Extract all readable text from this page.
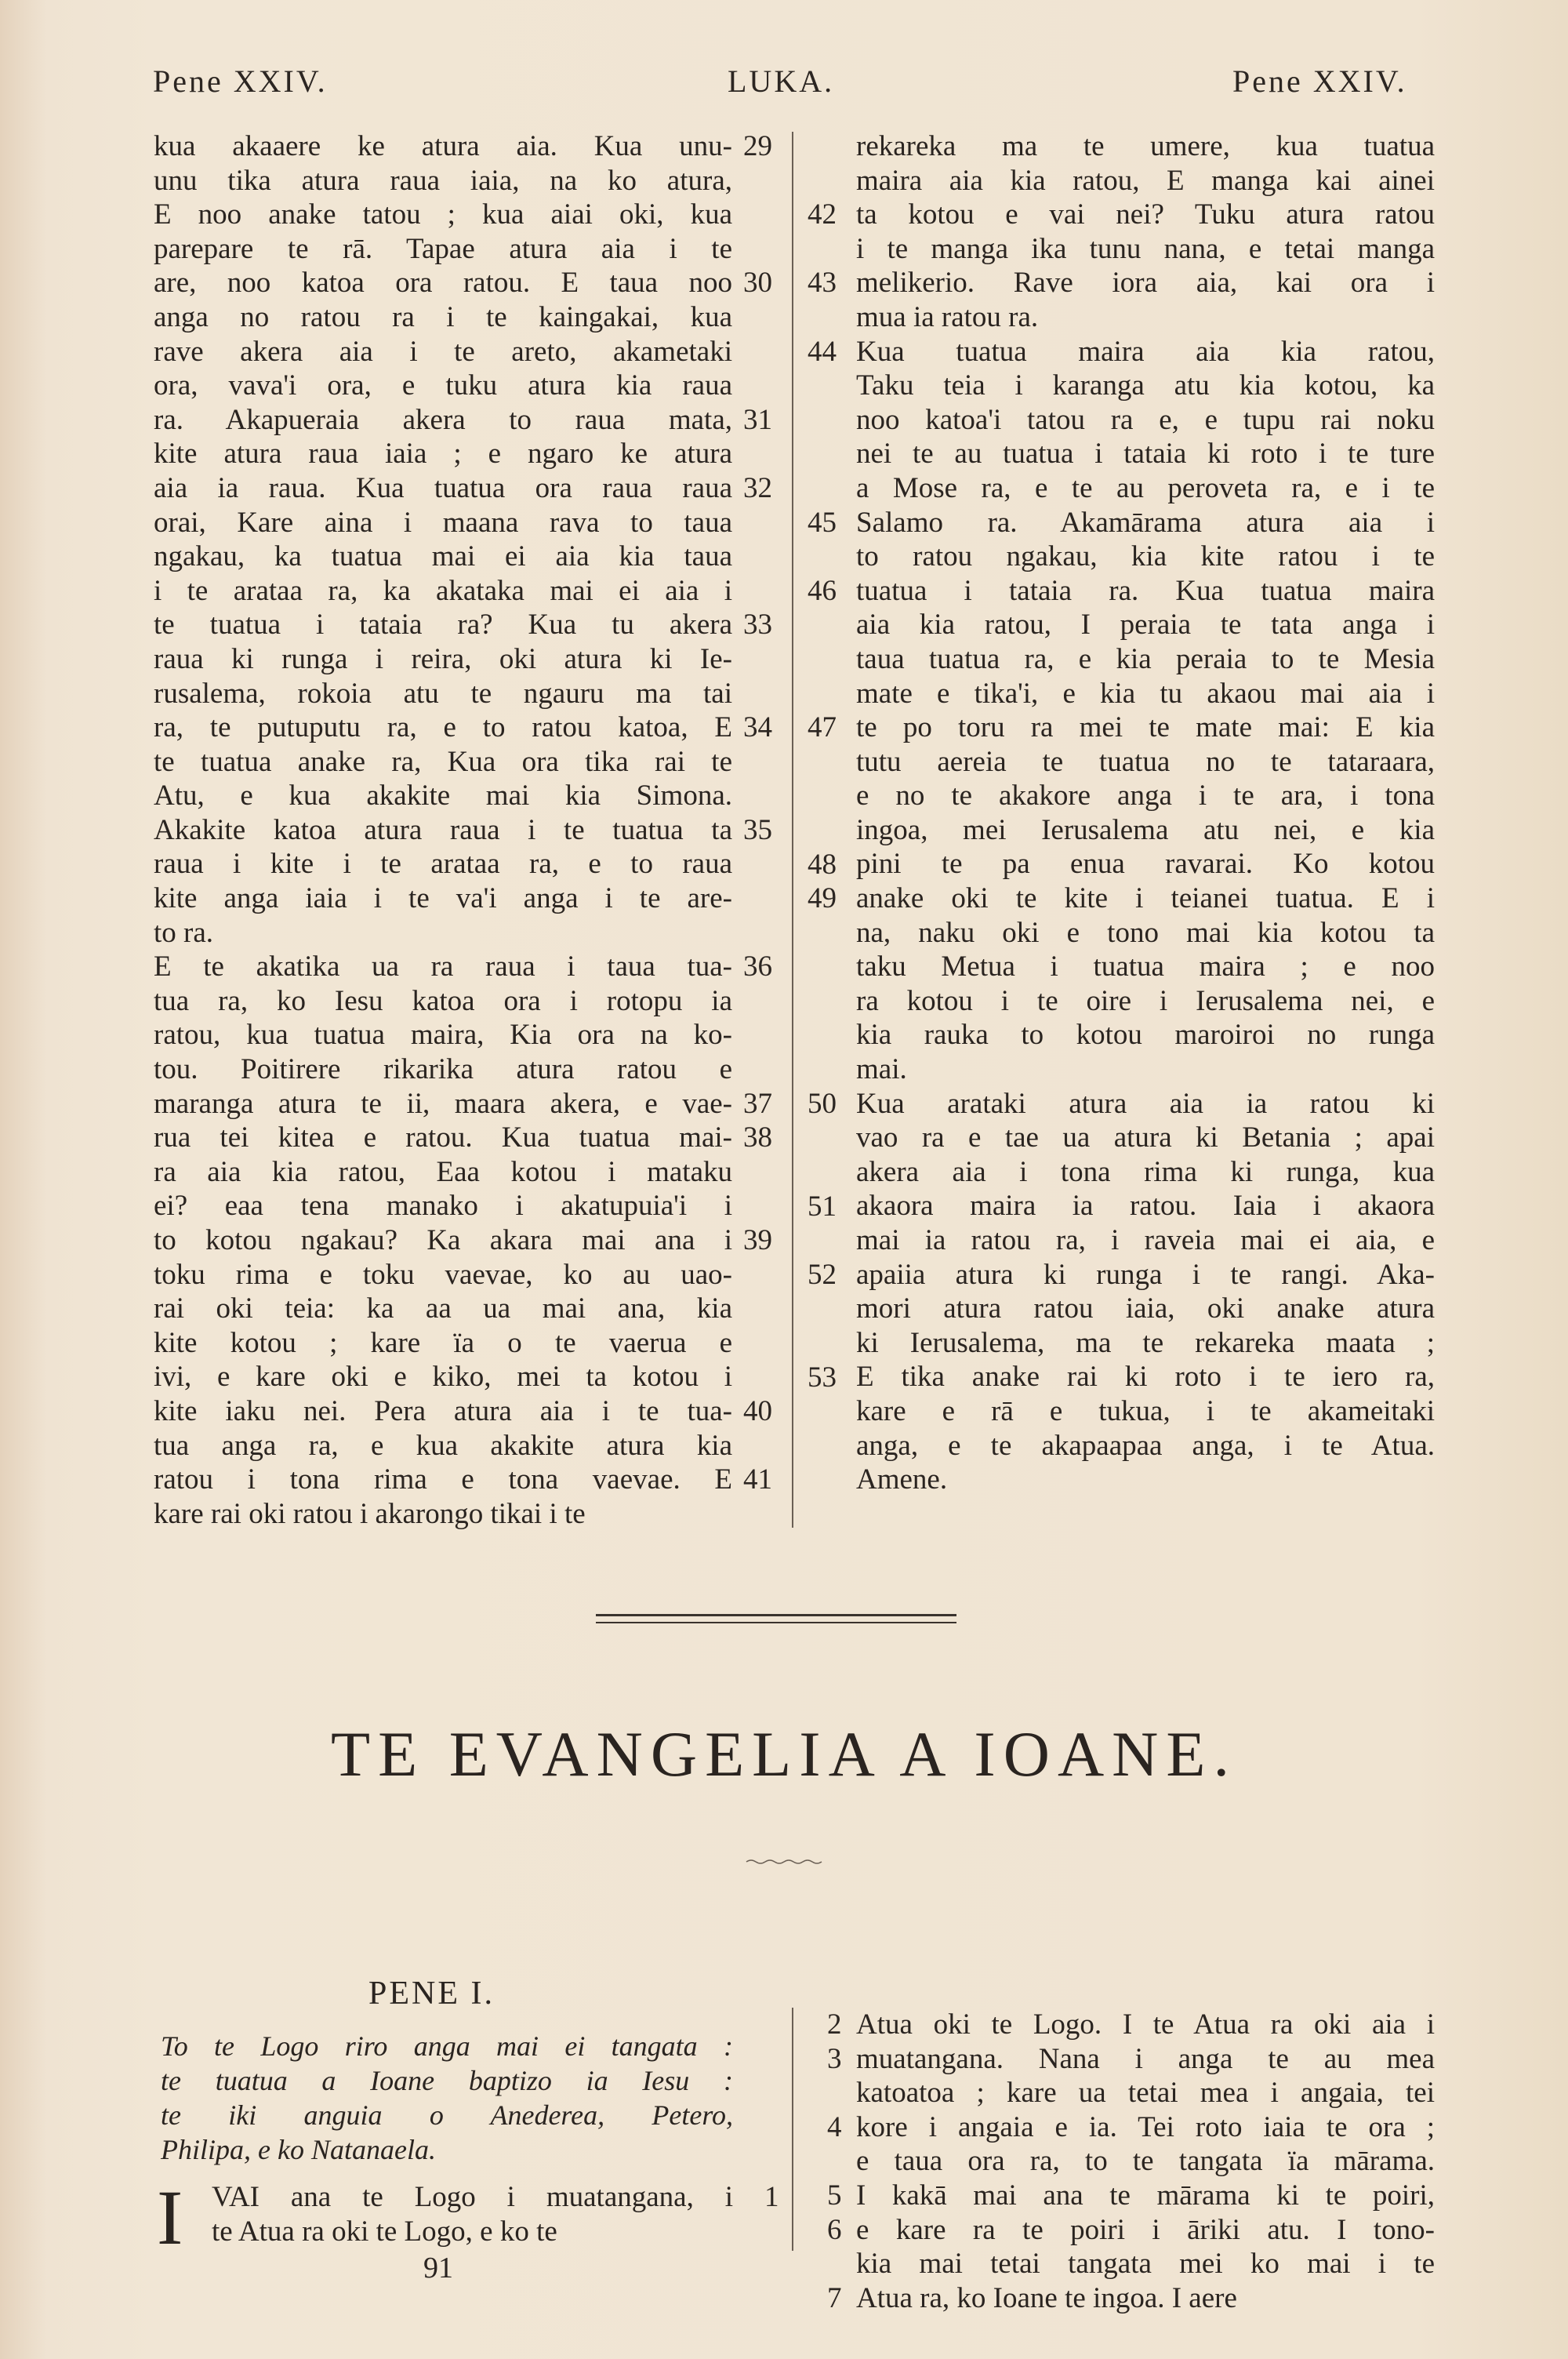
Pene XXIV.	LUKA.	Pene XXIV.
kua akaaere ke atura aia. Kua unu-
unu tika atura raua iaia, na ko atura,
E noo anake tatou ; kua aiai oki, kua
parepare te rā. Tapae atura aia i te
are, noo katoa ora ratou. E taua noo
anga no ratou ra i te kaingakai, kua
rave akera aia i te areto, akametaki
ora, vava'i ora, e tuku atura kia raua
ra. Akapueraia akera to raua mata,
kite atura raua iaia ; e ngaro ke atura
aia ia raua. Kua tuatua ora raua raua
orai, Kare aina i maana rava to taua
ngakau, ka tuatua mai ei aia kia taua
i te arataa ra, ka akataka mai ei aia i
te tuatua i tataia ra? Kua tu akera
raua ki runga i reira, oki atura ki Ie-
rusalema, rokoia atu te ngauru ma tai
ra, te putuputu ra, e to ratou katoa, E
te tuatua anake ra, Kua ora tika rai te
Atu, e kua akakite mai kia Simona.
Akakite katoa atura raua i te tuatua ta
raua i kite i te arataa ra, e to raua
kite anga iaia i te va'i anga i te are-
to ra.
E te akatika ua ra raua i taua tua-
tua ra, ko Iesu katoa ora i rotopu ia
ratou, kua tuatua maira, Kia ora na ko-
tou. Poitirere rikarika atura ratou e
maranga atura te ii, maara akera, e vae-
rua tei kitea e ratou. Kua tuatua mai-
ra aia kia ratou, Eaa kotou i mataku
ei? eaa tena manako i akatupuia'i i
to kotou ngakau? Ka akara mai ana i
toku rima e toku vaevae, ko au uao-
rai oki teia: ka aa ua mai ana, kia
kite kotou ; kare ïa o te vaerua e
ivi, e kare oki e kiko, mei ta kotou i
kite iaku nei. Pera atura aia i te tua-
tua anga ra, e kua akakite atura kia
ratou i tona rima e tona vaevae. E
kare rai oki ratou i akarongo tikai i te
29
30
31
32
33
34
35
36
37
38
39
40
41
rekareka ma te umere, kua tuatua
maira aia kia ratou, E manga kai ainei
ta kotou e vai nei? Tuku atura ratou
i te manga ika tunu nana, e tetai manga
melikerio. Rave iora aia, kai ora i
mua ia ratou ra.
Kua tuatua maira aia kia ratou,
Taku teia i karanga atu kia kotou, ka
noo katoa'i tatou ra e, e tupu rai noku
nei te au tuatua i tataia ki roto i te ture
a Mose ra, e te au peroveta ra, e i te
Salamo ra. Akamārama atura aia i
to ratou ngakau, kia kite ratou i te
tuatua i tataia ra. Kua tuatua maira
aia kia ratou, I peraia te tata anga i
taua tuatua ra, e kia peraia to te Mesia
mate e tika'i, e kia tu akaou mai aia i
te po toru ra mei te mate mai: E kia
tutu aereia te tuatua no te tataraara,
e no te akakore anga i te ara, i tona
ingoa, mei Ierusalema atu nei, e kia
pini te pa enua ravarai. Ko kotou
anake oki te kite i teianei tuatua. E i
na, naku oki e tono mai kia kotou ta
taku Metua i tuatua maira ; e noo
ra kotou i te oire i Ierusalema nei, e
kia rauka to kotou maroiroi no runga
mai.
Kua arataki atura aia ia ratou ki
vao ra e tae ua atura ki Betania ; apai
akera aia i tona rima ki runga, kua
akaora maira ia ratou. Iaia i akaora
mai ia ratou ra, i raveia mai ei aia, e
apaiia atura ki runga i te rangi. Aka-
mori atura ratou iaia, oki anake atura
ki Ierusalema, ma te rekareka maata ;
E tika anake rai ki roto i te iero ra,
kare e rā e tukua, i te akameitaki
anga, e te akapaapaa anga, i te Atua.
Amene.
42
43
44
45
46
47
48
49
50
51
52
53
TE EVANGELIA A IOANE.
PENE I.
To te Logo riro anga mai ei tangata :
te tuatua a Ioane baptizo ia Iesu :
te iki anguia o Anederea, Petero,
Philipa, e ko Natanaela.
I VAI ana te Logo i muatangana, i
te Atua ra oki te Logo, e ko te
1
Atua oki te Logo. I te Atua ra oki aia i
muatangana. Nana i anga te au mea
katoatoa ; kare ua tetai mea i angaia, tei
kore i angaia e ia. Tei roto iaia te ora ;
e taua ora ra, to te tangata ïa mārama.
I kakā mai ana te mārama ki te poiri,
e kare ra te poiri i āriki atu. I tono-
kia mai tetai tangata mei ko mai i te
Atua ra, ko Ioane te ingoa. I aere
2
3
4
5
6
7
91
